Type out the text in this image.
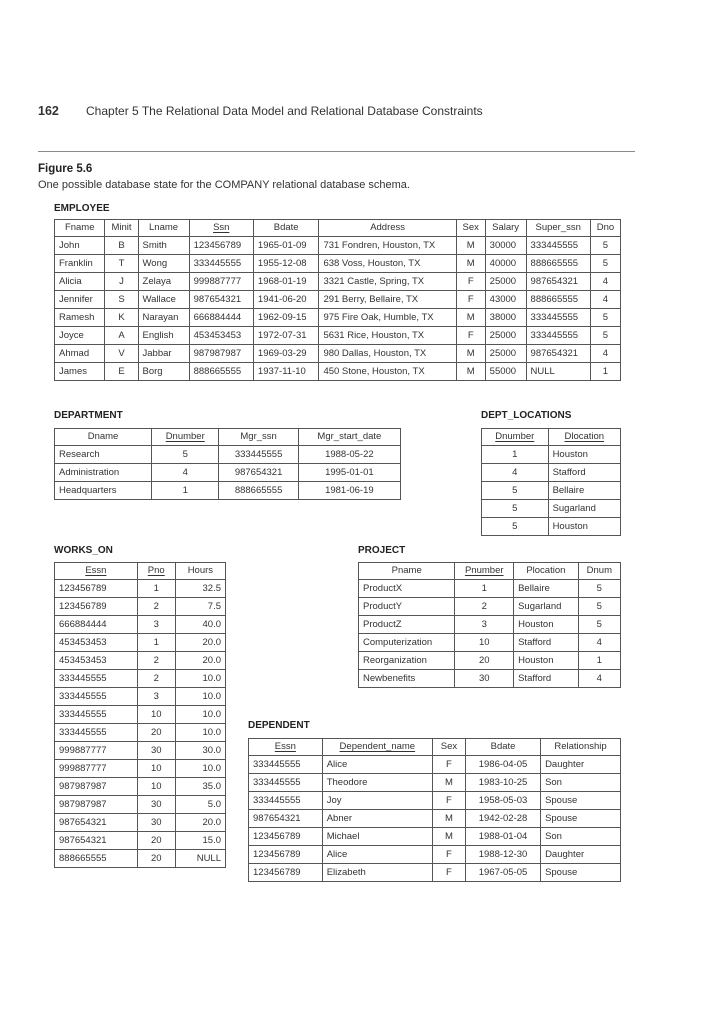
162 Chapter 5 The Relational Data Model and Relational Database Constraints
Figure 5.6
One possible database state for the COMPANY relational database schema.
EMPLOYEE
Fname	Minit	Lname	Ssn	Bdate	Address	Sex	Salary	Super_ssn	Dno
John	B	Smith	123456789	1965-01-09	731 Fondren, Houston, TX	M	30000	333445555	5
Franklin	T	Wong	333445555	1955-12-08	638 Voss, Houston, TX	M	40000	888665555	5
Alicia	J	Zelaya	999887777	1968-01-19	3321 Castle, Spring, TX	F	25000	987654321	4
Jennifer	S	Wallace	987654321	1941-06-20	291 Berry, Bellaire, TX	F	43000	888665555	4
Ramesh	K	Narayan	666884444	1962-09-15	975 Fire Oak, Humble, TX	M	38000	333445555	5
Joyce	A	English	453453453	1972-07-31	5631 Rice, Houston, TX	F	25000	333445555	5
Ahmad	V	Jabbar	987987987	1969-03-29	980 Dallas, Houston, TX	M	25000	987654321	4
James	E	Borg	888665555	1937-11-10	450 Stone, Houston, TX	M	55000	NULL	1
DEPARTMENT
Dname	Dnumber	Mgr_ssn	Mgr_start_date
Research	5	333445555	1988-05-22
Administration	4	987654321	1995-01-01
Headquarters	1	888665555	1981-06-19
DEPT_LOCATIONS
Dnumber	Dlocation
1	Houston
4	Stafford
5	Bellaire
5	Sugarland
5	Houston
WORKS_ON
Essn	Pno	Hours
123456789	1	32.5
123456789	2	7.5
666884444	3	40.0
453453453	1	20.0
453453453	2	20.0
333445555	2	10.0
333445555	3	10.0
333445555	10	10.0
333445555	20	10.0
999887777	30	30.0
999887777	10	10.0
987987987	10	35.0
987987987	30	5.0
987654321	30	20.0
987654321	20	15.0
888665555	20	NULL
PROJECT
Pname	Pnumber	Plocation	Dnum
ProductX	1	Bellaire	5
ProductY	2	Sugarland	5
ProductZ	3	Houston	5
Computerization	10	Stafford	4
Reorganization	20	Houston	1
Newbenefits	30	Stafford	4
DEPENDENT
Essn	Dependent_name	Sex	Bdate	Relationship
333445555	Alice	F	1986-04-05	Daughter
333445555	Theodore	M	1983-10-25	Son
333445555	Joy	F	1958-05-03	Spouse
987654321	Abner	M	1942-02-28	Spouse
123456789	Michael	M	1988-01-04	Son
123456789	Alice	F	1988-12-30	Daughter
123456789	Elizabeth	F	1967-05-05	Spouse
